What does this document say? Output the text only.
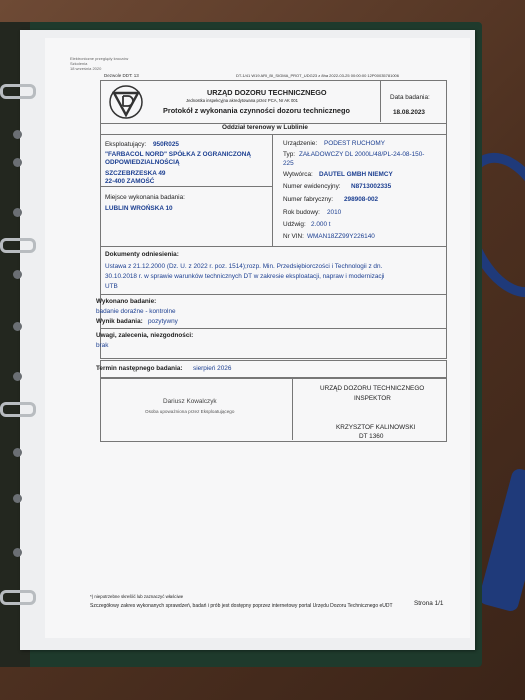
Elektroniczne przeglądy kroczów
Szkolenia
18 września 2020
Dezwole DDT: 13	DT-1/41 W19 ARI_BI_SIGMA_PROT_UDG23 z 8ha 2022-03-25 00:00:00 12P00035781006
URZĄD DOZORU TECHNICZNEGO
Jednostka inspekcyjna akredytowana przez PCA, Nr AK 001
Protokół z wykonania czynności dozoru technicznego
Data badania:
18.08.2023
Oddział terenowy w Lublinie
Eksploatujący: 950R025
"FARBACOL NORD" SPÓŁKA Z OGRANICZONĄ
ODPOWIEDZIALNOŚCIĄ
SZCZEBRZESKA 49
22-400 ZAMOŚĆ
Miejsce wykonania badania:
LUBLIN WROŃSKA 10
Urządzenie: PODEST RUCHOMY
Typ: ZAŁADOWCZY DL 2000L/48/PL-24-08-150-
225
Wytwórca: DAUTEL GMBH NIEMCY
Numer ewidencyjny: N8713002335
Numer fabryczny: 298908-002
Rok budowy: 2010
Udźwig: 2.000 t
Nr VIN: WMAN18ZZ99Y226140
Dokumenty odniesienia:
Ustawa z 21.12.2000 (Dz. U. z 2022 r. poz. 1514);rozp. Min. Przedsiębiorczości i Technologii z dn.
30.10.2018 r. w sprawie warunków technicznych DT w zakresie eksploatacji, napraw i modernizacji
UTB
Wykonano badanie:
badanie doraźne - kontrolne
Wynik badania: pozytywny
Uwagi, zalecenia, niezgodności:
brak
Termin następnego badania: sierpień 2026
Dariusz Kowalczyk
Osoba upoważniona przez Eksploatującego
URZĄD DOZORU TECHNICZNEGO
INSPEKTOR
KRZYSZTOF KALINOWSKI
DT 1360
*) niepotrzebne skreślić lub zaznaczyć właściwe
Szczegółowy zakres wykonanych sprawdzeń, badań i prób jest dostępny poprzez internetowy portal Urzędu Dozoru Technicznego eUDT	Strona 1/1
